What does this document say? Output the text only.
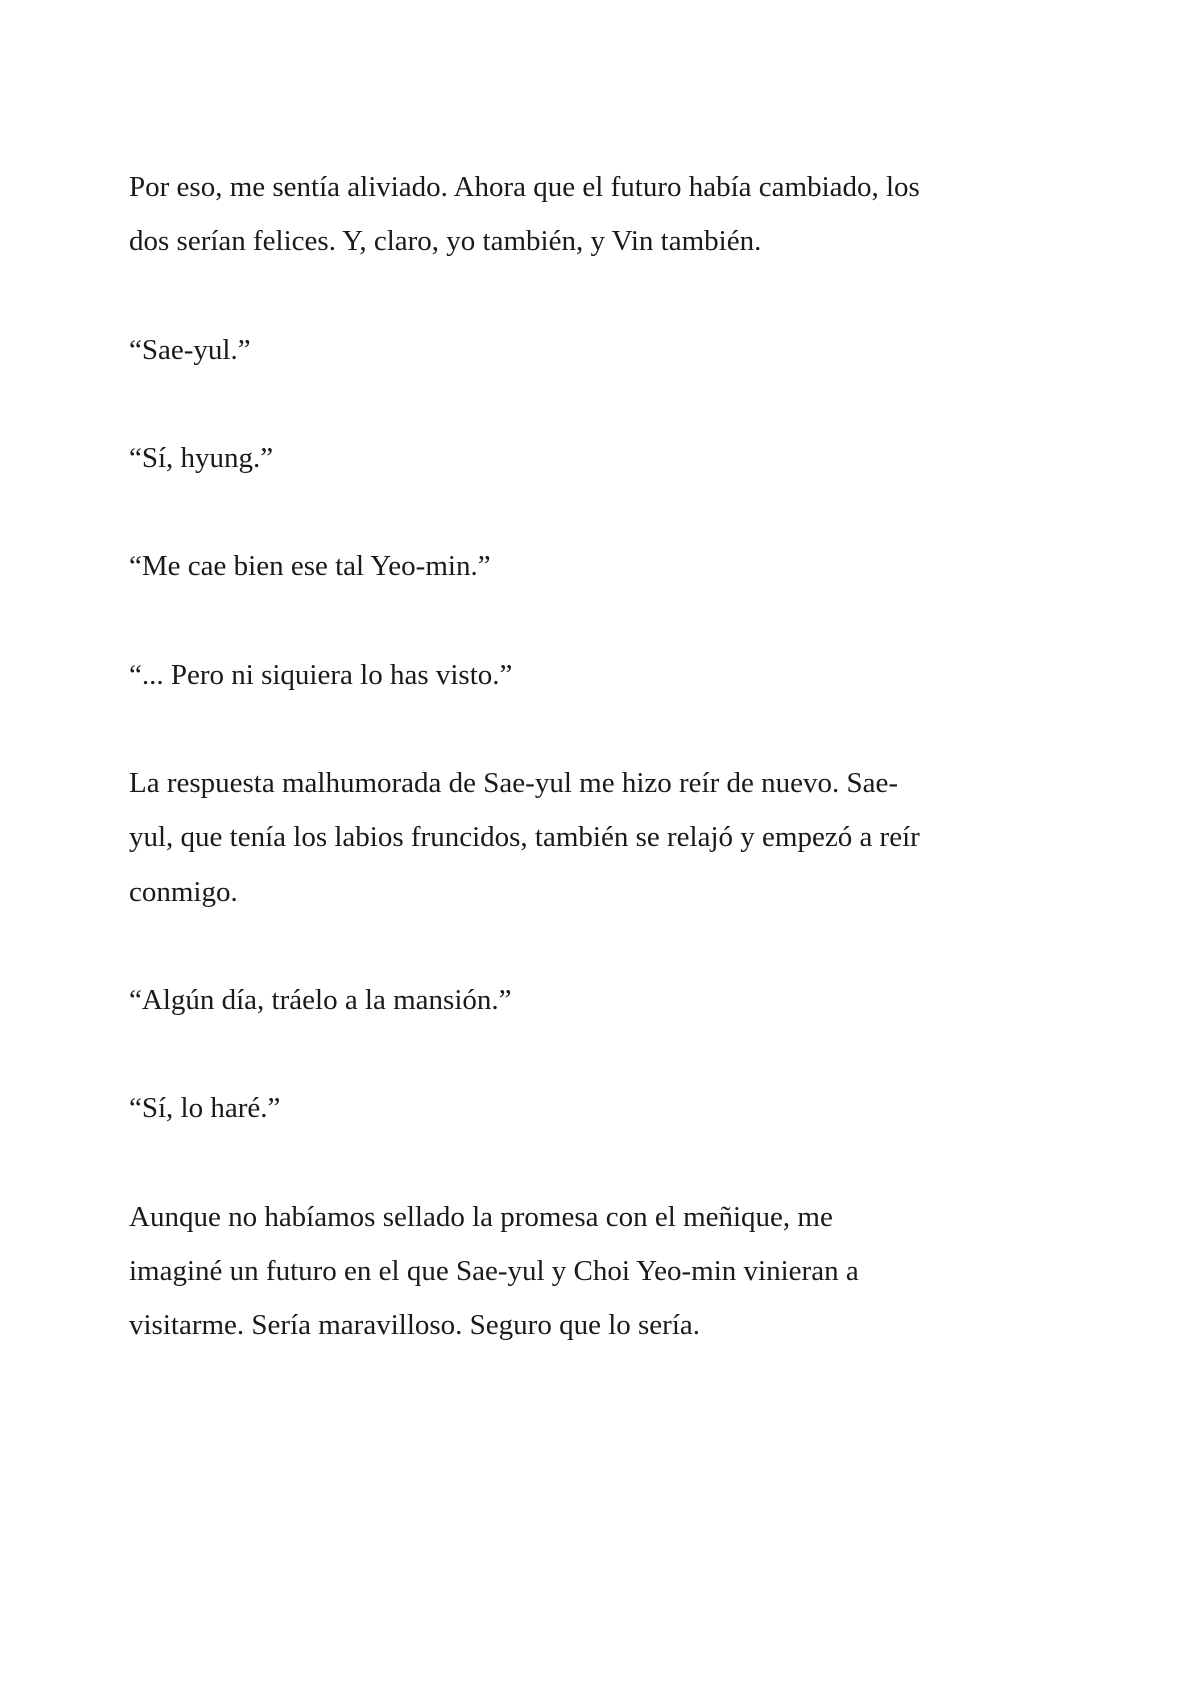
Por eso, me sentía aliviado. Ahora que el futuro había cambiado, los
dos serían felices. Y, claro, yo también, y Vin también.

“Sae-yul.”

“Sí, hyung.”

“Me cae bien ese tal Yeo-min.”

“... Pero ni siquiera lo has visto.”

La respuesta malhumorada de Sae-yul me hizo reír de nuevo. Sae-
yul, que tenía los labios fruncidos, también se relajó y empezó a reír
conmigo.

“Algún día, tráelo a la mansión.”

“Sí, lo haré.”

Aunque no habíamos sellado la promesa con el meñique, me
imaginé un futuro en el que Sae-yul y Choi Yeo-min vinieran a
visitarme. Sería maravilloso. Seguro que lo sería.
